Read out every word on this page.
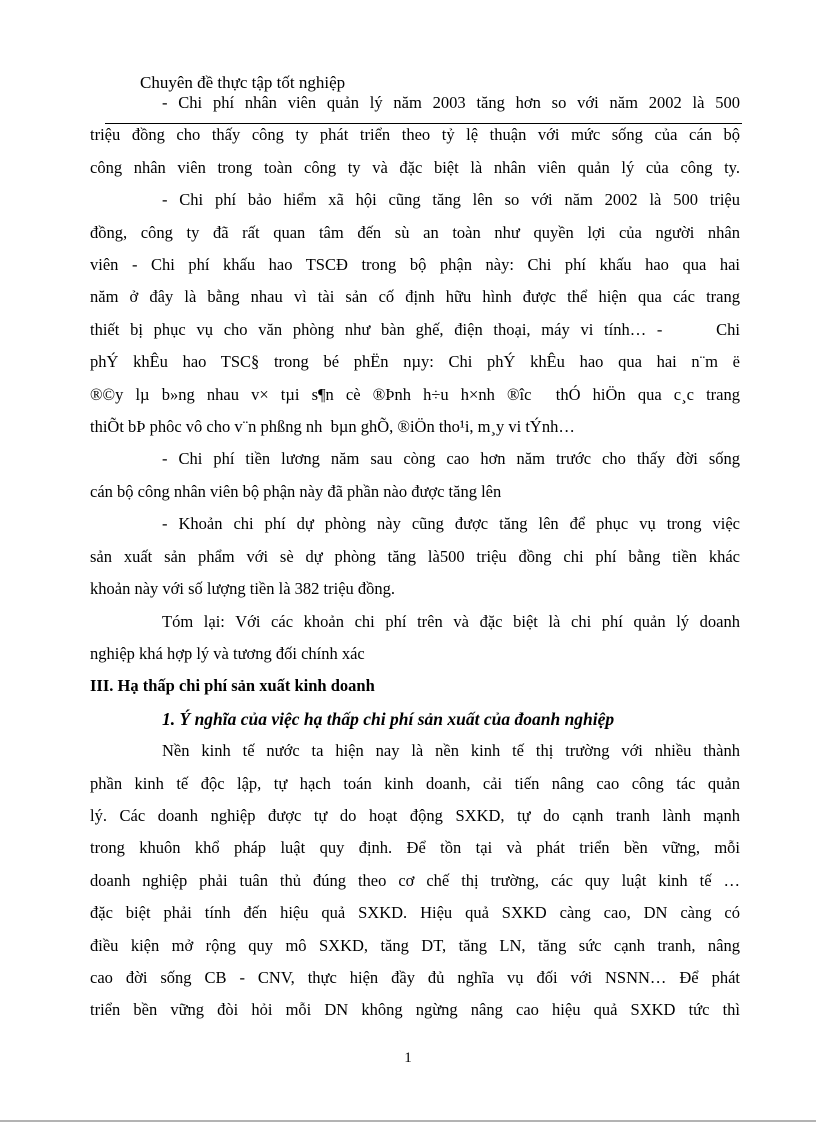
Chuyên đề thực tập tốt nghiệp

- Chi phí nhân viên quản lý năm 2003 tăng hơn so với năm 2002 là 500
triệu đồng cho thấy công ty phát triển theo tỷ lệ thuận với mức sống của cán bộ
công nhân viên trong toàn công ty và đặc biệt là nhân viên quản lý của công ty.
- Chi phí bảo hiểm xã hội cũng tăng lên so với năm 2002 là 500 triệu
đồng, công ty đã rất quan tâm đến sù an toàn như quyền lợi của người nhân
viên - Chi phí khấu hao TSCĐ trong bộ phận này: Chi phí khấu hao qua hai
năm ở đây là bằng nhau vì tài sản cố định hữu hình được thể hiện qua các trang
thiết bị phục vụ cho văn phòng như bàn ghế, điện thoại, máy vi tính… -     Chi
phÝ khÊu hao TSC§ trong bé phËn nµy: Chi phÝ khÊu hao qua hai n¨m ë
®©y lµ b»ng nhau v× tµi s¶n cè ®Þnh h÷u h×nh ®îc  thÓ hiÖn qua c¸c trang
thiÕt bÞ phôc vô cho v¨n phßng nh  bµn ghÕ, ®iÖn tho¹i, m¸y vi tÝnh…
- Chi phí tiền lương năm sau còng cao hơn năm trước cho thấy đời sống
cán bộ công nhân viên bộ phận này đã phần nào được tăng lên
- Khoản chi phí dự phòng này cũng được tăng lên để phục vụ trong việc
sản xuất sản phẩm với sè dự phòng tăng là500 triệu đồng chi phí bằng tiền khác
khoản này với số lượng tiền là 382 triệu đồng.
Tóm lại: Với các khoản chi phí trên và đặc biệt là chi phí quản lý doanh
nghiệp khá hợp lý và tương đối chính xác
III. Hạ thấp chi phí sản xuất kinh doanh
1. Ý nghĩa của việc hạ thấp chi phí sản xuất của đoanh nghiệp
Nền kinh tế nước ta hiện nay là nền kinh tế thị trường với nhiều thành
phần kinh tế độc lập, tự hạch toán kinh doanh, cải tiến nâng cao công tác quản
lý. Các doanh nghiệp được tự do hoạt động SXKD, tự do cạnh tranh lành mạnh
trong khuôn khổ pháp luật quy định. Để tồn tại và phát triển bền vững, mỗi
doanh nghiệp phải tuân thủ đúng theo cơ chế thị trường, các quy luật kinh tế …
đặc biệt phải tính đến hiệu quả SXKD. Hiệu quả SXKD càng cao, DN càng có
điều kiện mở rộng quy mô SXKD, tăng DT, tăng LN, tăng sức cạnh tranh, nâng
cao đời sống CB - CNV, thực hiện đầy đủ nghĩa vụ đối với NSNN… Để phát
triển bền vững đòi hỏi mỗi DN không ngừng nâng cao hiệu quả SXKD tức thì
1
